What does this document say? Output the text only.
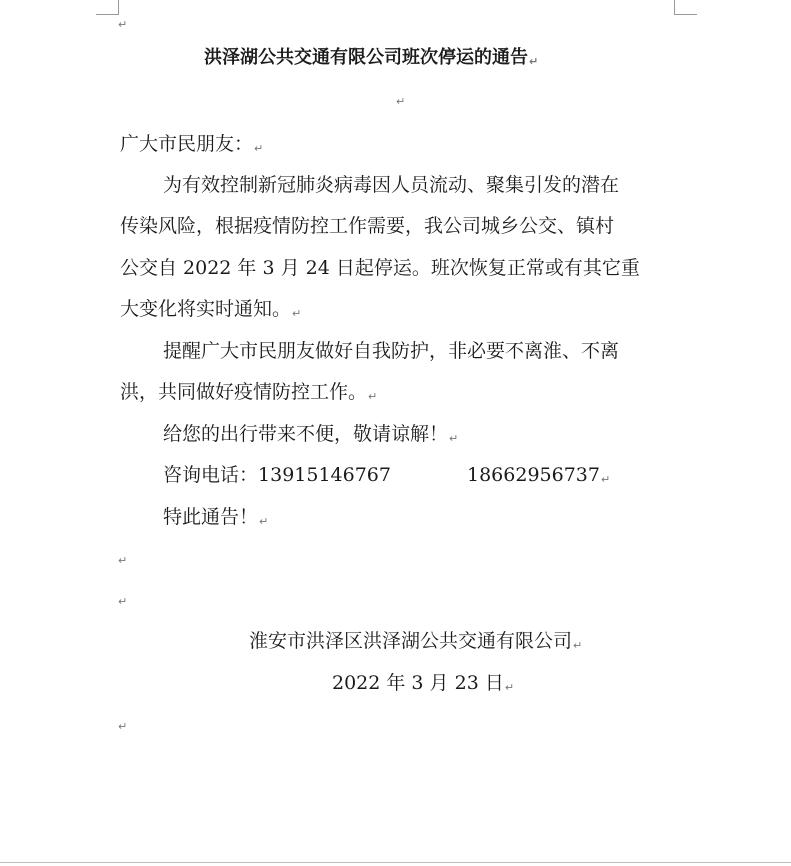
↵
洪泽湖公共交通有限公司班次停运的通告↵
↵
广大市民朋友：↵
为有效控制新冠肺炎病毒因人员流动、聚集引发的潜在
传染风险，根据疫情防控工作需要，我公司城乡公交、镇村
公交自 2022 年 3 月 24 日起停运。班次恢复正常或有其它重
大变化将实时通知。↵
提醒广大市民朋友做好自我防护，非必要不离淮、不离
洪，共同做好疫情防控工作。↵
给您的出行带来不便，敬请谅解！↵
咨询电话：13915146767	18662956737↵
特此通告！↵
↵
↵
淮安市洪泽区洪泽湖公共交通有限公司↵
2022 年 3 月 23 日↵
↵
